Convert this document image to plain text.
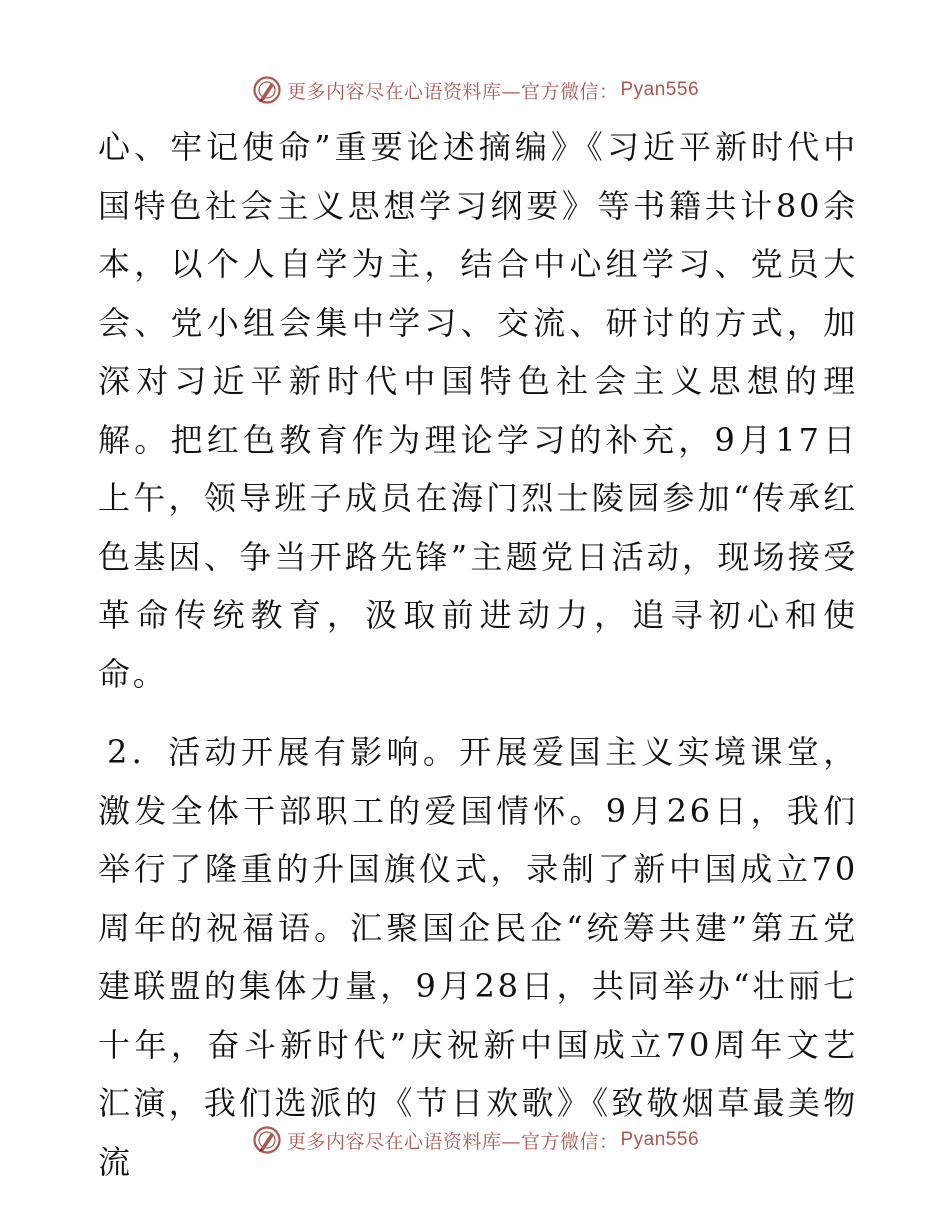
更多内容尽在心语资料库—官方微信： Pyan556

心、牢记使命”重要论述摘编》《习近平新时代中国特色社会主义思想学习纲要》等书籍共计80余本，以个人自学为主，结合中心组学习、党员大会、党小组会集中学习、交流、研讨的方式，加深对习近平新时代中国特色社会主义思想的理解。把红色教育作为理论学习的补充，9月17日上午，领导班子成员在海门烈士陵园参加“传承红色基因、争当开路先锋”主题党日活动，现场接受革命传统教育，汲取前进动力，追寻初心和使命。

2．活动开展有影响。开展爱国主义实境课堂，激发全体干部职工的爱国情怀。9月26日，我们举行了隆重的升国旗仪式，录制了新中国成立70周年的祝福语。汇聚国企民企“统筹共建”第五党建联盟的集体力量，9月28日，共同举办“壮丽七十年，奋斗新时代”庆祝新中国成立70周年文艺汇演，我们选派的《节日欢歌》《致敬烟草最美物流

更多内容尽在心语资料库—官方微信： Pyan556
